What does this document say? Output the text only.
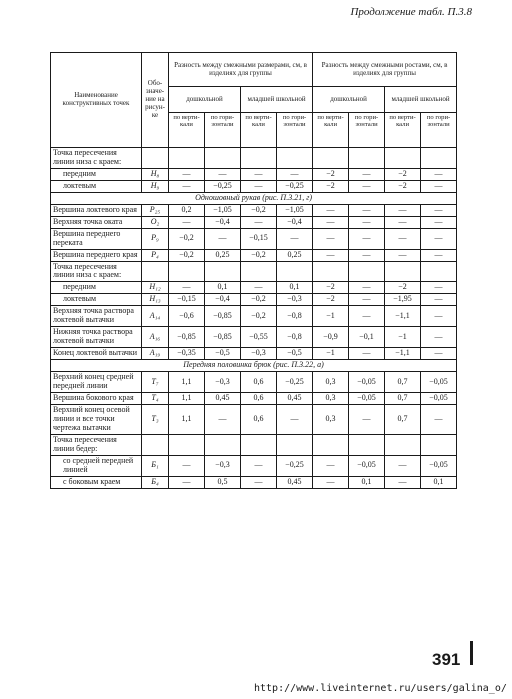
Продолжение табл. П.3.8
Наименование конструктивных точек	Обо-значе-ние на рисун-ке	Разность между смежными размерами, см, в изделиях для группы				Разность между смежными ростами, см, в изделиях для группы			
		дошкольной		младшей школьной		дошкольной		младшей школьной	
		по верти-кали	по гори-зонтали	по верти-кали	по гори-зонтали	по верти-кали	по гори-зонтали	по верти-кали	по гори-зонтали
Точка пересечения линии низа с краем:									
передним	H₈	—	—	—	—	−2	—	−2	—
локтевым	H₉	—	−0,25	—	−0,25	−2	—	−2	—
Одношовный рукав (рис. П.3.21, г)									
Вершина локтевого края	P₂₅	0,2	−1,05	−0,2	−1,05	—	—	—	—
Верхняя точка оката	O₂	—	−0,4	—	−0,4	—	—	—	—
Вершина переднего переката	P₉	−0,2	—	−0,15	—	—	—	—	—
Вершина переднего края	P₄	−0,2	0,25	−0,2	0,25	—	—	—	—
Точка пересечения линии низа с краем:									
передним	H₁₂	—	0,1	—	0,1	−2	—	−2	—
локтевым	H₁₃	−0,15	−0,4	−0,2	−0,3	−2	—	−1,95	—
Верхняя точка раствора локтевой вытачки	A₁₄	−0,6	−0,85	−0,2	−0,8	−1	—	−1,1	—
Нижняя точка раствора локтевой вытачки	A₁₆	−0,85	−0,85	−0,55	−0,8	−0,9	−0,1	−1	—
Конец локтевой вытачки	A₁₉	−0,35	−0,5	−0,3	−0,5	−1	—	−1,1	—
Передняя половинка брюк (рис. П.3.22, а)									
Верхний конец средней передней линии	T₇	1,1	−0,3	0,6	−0,25	0,3	−0,05	0,7	−0,05
Вершина бокового края	T₄	1,1	0,45	0,6	0,45	0,3	−0,05	0,7	−0,05
Верхний конец осевой линии и все точки чертежа вытачки	T₃	1,1	—	0,6	—	0,3	—	0,7	—
Точка пересечения линии бедер:									
со средней передней линией	Б₁	—	−0,3	—	−0,25	—	−0,05	—	−0,05
с боковым краем	Б₄	—	0,5	—	0,45	—	0,1	—	0,1
391
http://www.liveinternet.ru/users/galina_o/
